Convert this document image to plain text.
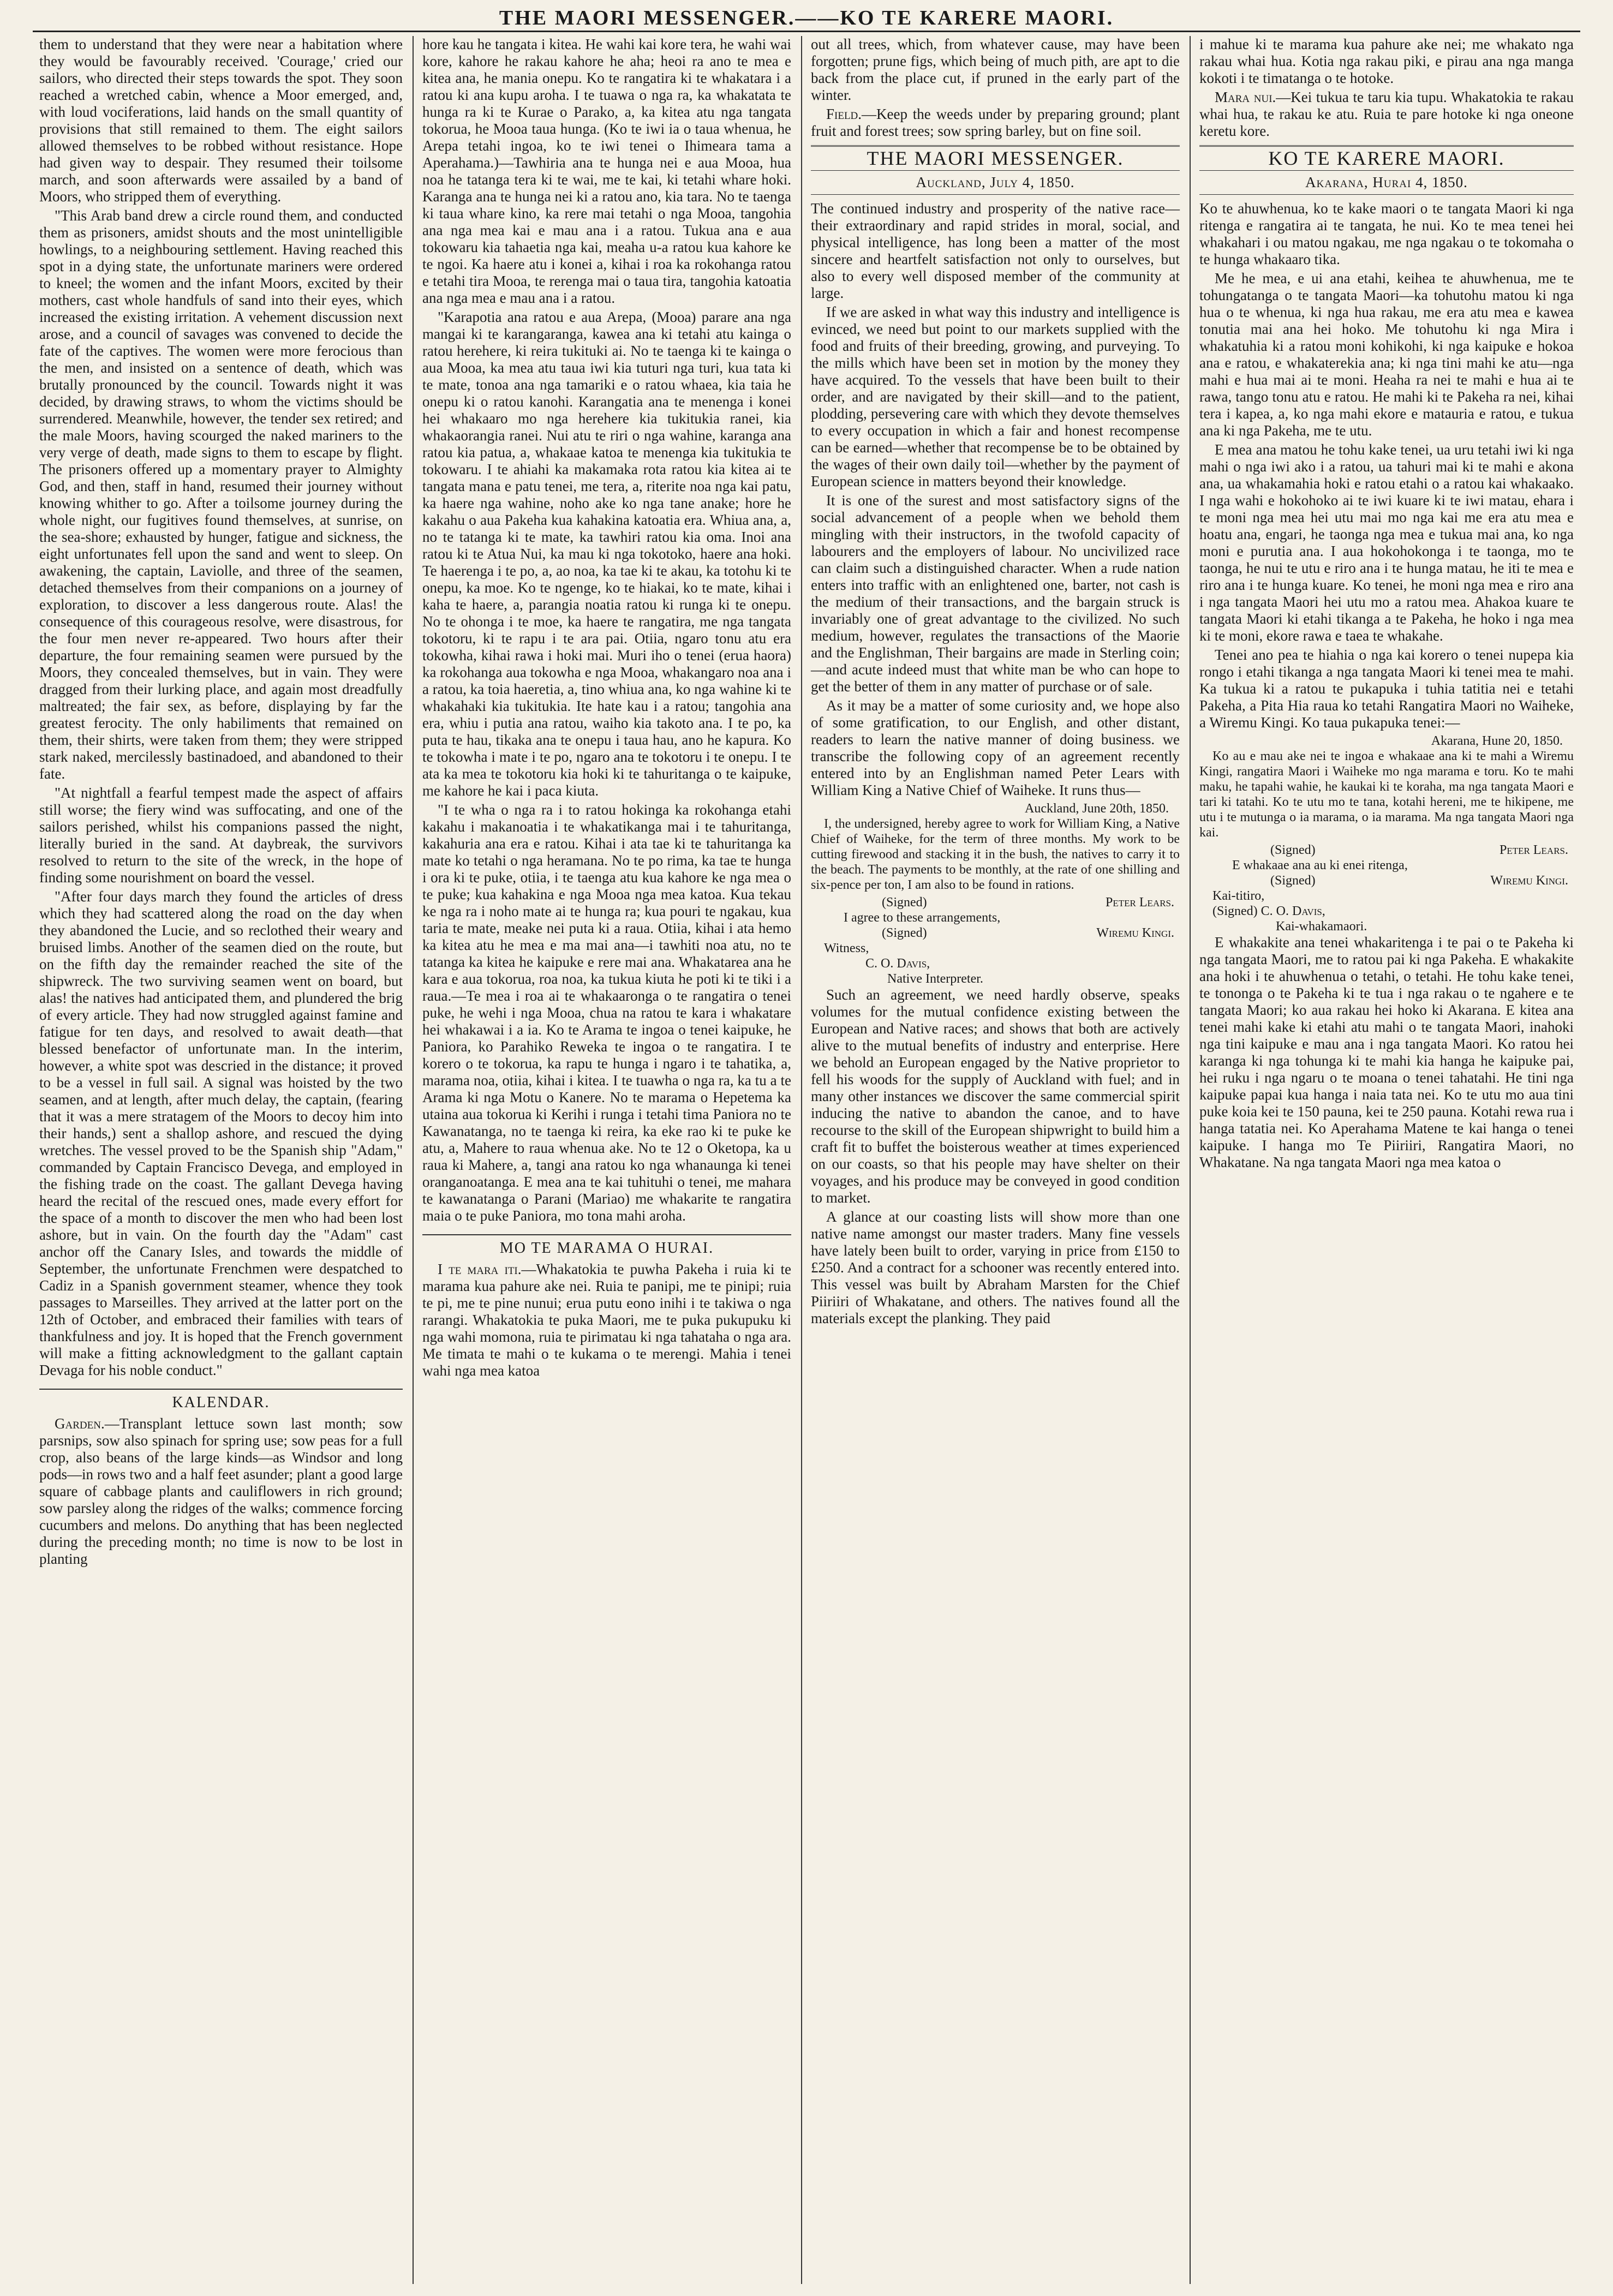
THE MAORI MESSENGER.——KO TE KARERE MAORI.

them to understand that they were near a habitation where they would be favourably received. 'Courage,' cried our sailors, who directed their steps towards the spot. They soon reached a wretched cabin, whence a Moor emerged, and, with loud vociferations, laid hands on the small quantity of provisions that still remained to them. The eight sailors allowed themselves to be robbed without resistance. Hope had given way to despair. They resumed their toilsome march, and soon afterwards were assailed by a band of Moors, who stripped them of everything.

"This Arab band drew a circle round them, and conducted them as prisoners, amidst shouts and the most unintelligible howlings, to a neighbouring settlement. Having reached this spot in a dying state, the unfortunate mariners were ordered to kneel; the women and the infant Moors, excited by their mothers, cast whole handfuls of sand into their eyes, which increased the existing irritation. A vehement discussion next arose, and a council of savages was convened to decide the fate of the captives. The women were more ferocious than the men, and insisted on a sentence of death, which was brutally pronounced by the council. Towards night it was decided, by drawing straws, to whom the victims should be surrendered. Meanwhile, however, the tender sex retired; and the male Moors, having scourged the naked mariners to the very verge of death, made signs to them to escape by flight. The prisoners offered up a momentary prayer to Almighty God, and then, staff in hand, resumed their journey without knowing whither to go. After a toilsome journey during the whole night, our fugitives found themselves, at sunrise, on the sea-shore; exhausted by hunger, fatigue and sickness, the eight unfortunates fell upon the sand and went to sleep. On awakening, the captain, Laviolle, and three of the seamen, detached themselves from their companions on a journey of exploration, to discover a less dangerous route. Alas! the consequence of this courageous resolve, were disastrous, for the four men never re-appeared. Two hours after their departure, the four remaining seamen were pursued by the Moors, they concealed themselves, but in vain. They were dragged from their lurking place, and again most dreadfully maltreated; the fair sex, as before, displaying by far the greatest ferocity. The only habiliments that remained on them, their shirts, were taken from them; they were stripped stark naked, mercilessly bastinadoed, and abandoned to their fate.

"At nightfall a fearful tempest made the aspect of affairs still worse; the fiery wind was suffocating, and one of the sailors perished, whilst his companions passed the night, literally buried in the sand. At daybreak, the survivors resolved to return to the site of the wreck, in the hope of finding some nourishment on board the vessel.

"After four days march they found the articles of dress which they had scattered along the road on the day when they abandoned the Lucie, and so reclothed their weary and bruised limbs. Another of the seamen died on the route, but on the fifth day the remainder reached the site of the shipwreck. The two surviving seamen went on board, but alas! the natives had anticipated them, and plundered the brig of every article. They had now struggled against famine and fatigue for ten days, and resolved to await death—that blessed benefactor of unfortunate man. In the interim, however, a white spot was descried in the distance; it proved to be a vessel in full sail. A signal was hoisted by the two seamen, and at length, after much delay, the captain, (fearing that it was a mere stratagem of the Moors to decoy him into their hands,) sent a shallop ashore, and rescued the dying wretches. The vessel proved to be the Spanish ship "Adam," commanded by Captain Francisco Devega, and employed in the fishing trade on the coast. The gallant Devega having heard the recital of the rescued ones, made every effort for the space of a month to discover the men who had been lost ashore, but in vain. On the fourth day the "Adam" cast anchor off the Canary Isles, and towards the middle of September, the unfortunate Frenchmen were despatched to Cadiz in a Spanish government steamer, whence they took passages to Marseilles. They arrived at the latter port on the 12th of October, and embraced their families with tears of thankfulness and joy. It is hoped that the French government will make a fitting acknowledgment to the gallant captain Devaga for his noble conduct."

KALENDAR.

Garden.—Transplant lettuce sown last month; sow parsnips, sow also spinach for spring use; sow peas for a full crop, also beans of the large kinds—as Windsor and long pods—in rows two and a half feet asunder; plant a good large square of cabbage plants and cauliflowers in rich ground; sow parsley along the ridges of the walks; commence forcing cucumbers and melons. Do anything that has been neglected during the preceding month; no time is now to be lost in planting

hore kau he tangata i kitea. He wahi kai kore tera, he wahi wai kore, kahore he rakau kahore he aha; heoi ra ano te mea e kitea ana, he mania onepu. Ko te rangatira ki te whakatara i a ratou ki ana kupu aroha. I te tuawa o nga ra, ka whakatata te hunga ra ki te Kurae o Parako, a, ka kitea atu nga tangata tokorua, he Mooa taua hunga. (Ko te iwi ia o taua whenua, he Arepa tetahi ingoa, ko te iwi tenei o Ihimeara tama a Aperahama.)—Tawhiria ana te hunga nei e aua Mooa, hua noa he tatanga tera ki te wai, me te kai, ki tetahi whare hoki. Karanga ana te hunga nei ki a ratou ano, kia tara. No te taenga ki taua whare kino, ka rere mai tetahi o nga Mooa, tangohia ana nga mea kai e mau ana i a ratou. Tukua ana e aua tokowaru kia tahaetia nga kai, meaha u-a ratou kua kahore ke te ngoi. Ka haere atu i konei a, kihai i roa ka rokohanga ratou e tetahi tira Mooa, te rerenga mai o taua tira, tangohia katoatia ana nga mea e mau ana i a ratou.

"Karapotia ana ratou e aua Arepa, (Mooa) parare ana nga mangai ki te karangaranga, kawea ana ki tetahi atu kainga o ratou herehere, ki reira tukituki ai. No te taenga ki te kainga o aua Mooa, ka mea atu taua iwi kia tuturi nga turi, kua tata ki te mate, tonoa ana nga tamariki e o ratou whaea, kia taia he onepu ki o ratou kanohi. Karangatia ana te menenga i konei hei whakaaro mo nga herehere kia tukitukia ranei, kia whakaorangia ranei. Nui atu te riri o nga wahine, karanga ana ratou kia patua, a, whakaae katoa te menenga kia tukitukia te tokowaru. I te ahiahi ka makamaka rota ratou kia kitea ai te tangata mana e patu tenei, me tera, a, riterite noa nga kai patu, ka haere nga wahine, noho ake ko nga tane anake; hore he kakahu o aua Pakeha kua kahakina katoatia era. Whiua ana, a, no te tatanga ki te mate, ka tawhiri ratou kia oma. Inoi ana ratou ki te Atua Nui, ka mau ki nga tokotoko, haere ana hoki. Te haerenga i te po, a, ao noa, ka tae ki te akau, ka totohu ki te onepu, ka moe. Ko te ngenge, ko te hiakai, ko te mate, kihai i kaha te haere, a, parangia noatia ratou ki runga ki te onepu. No te ohonga i te moe, ka haere te rangatira, me nga tangata tokotoru, ki te rapu i te ara pai. Otiia, ngaro tonu atu era tokowha, kihai rawa i hoki mai. Muri iho o tenei (erua haora) ka rokohanga aua tokowha e nga Mooa, whakangaro noa ana i a ratou, ka toia haeretia, a, tino whiua ana, ko nga wahine ki te whakahaki kia tukitukia. Ite hate kau i a ratou; tangohia ana era, whiu i putia ana ratou, waiho kia takoto ana. I te po, ka puta te hau, tikaka ana te onepu i taua hau, ano he kapura. Ko te tokowha i mate i te po, ngaro ana te tokotoru i te onepu. I te ata ka mea te tokotoru kia hoki ki te tahuritanga o te kaipuke, me kahore he kai i paca kiuta.

"I te wha o nga ra i to ratou hokinga ka rokohanga etahi kakahu i makanoatia i te whakatikanga mai i te tahuritanga, kakahuria ana era e ratou. Kihai i ata tae ki te tahuritanga ka mate ko tetahi o nga heramana. No te po rima, ka tae te hunga i ora ki te puke, otiia, i te taenga atu kua kahore ke nga mea o te puke; kua kahakina e nga Mooa nga mea katoa. Kua tekau ke nga ra i noho mate ai te hunga ra; kua pouri te ngakau, kua taria te mate, meake nei puta ki a raua. Otiia, kihai i ata hemo ka kitea atu he mea e ma mai ana—i tawhiti noa atu, no te tatanga ka kitea he kaipuke e rere mai ana. Whakatarea ana he kara e aua tokorua, roa noa, ka tukua kiuta he poti ki te tiki i a raua.—Te mea i roa ai te whakaaronga o te rangatira o tenei puke, he wehi i nga Mooa, chua na ratou te kara i whakatare hei whakawai i a ia. Ko te Arama te ingoa o tenei kaipuke, he Paniora, ko Parahiko Reweka te ingoa o te rangatira. I te korero o te tokorua, ka rapu te hunga i ngaro i te tahatika, a, marama noa, otiia, kihai i kitea. I te tuawha o nga ra, ka tu a te Arama ki nga Motu o Kanere. No te marama o Hepetema ka utaina aua tokorua ki Kerihi i runga i tetahi tima Paniora no te Kawanatanga, no te taenga ki reira, ka eke rao ki te puke ke atu, a, Mahere to raua whenua ake. No te 12 o Oketopa, ka u raua ki Mahere, a, tangi ana ratou ko nga whanaunga ki tenei oranganoatanga. E mea ana te kai tuhituhi o tenei, me mahara te kawanatanga o Parani (Mariao) me whakarite te rangatira maia o te puke Paniora, mo tona mahi aroha.

MO TE MARAMA O HURAI.

I te mara iti.—Whakatokia te puwha Pakeha i ruia ki te marama kua pahure ake nei. Ruia te panipi, me te pinipi; ruia te pi, me te pine nunui; erua putu eono inihi i te takiwa o nga rarangi. Whakatokia te puka Maori, me te puka pukupuku ki nga wahi momona, ruia te pirimatau ki nga tahataha o nga ara. Me timata te mahi o te kukama o te merengi. Mahia i tenei wahi nga mea katoa

out all trees, which, from whatever cause, may have been forgotten; prune figs, which being of much pith, are apt to die back from the place cut, if pruned in the early part of the winter.

Field.—Keep the weeds under by preparing ground; plant fruit and forest trees; sow spring barley, but on fine soil.

THE MAORI MESSENGER.
Auckland, July 4, 1850.

The continued industry and prosperity of the native race—their extraordinary and rapid strides in moral, social, and physical intelligence, has long been a matter of the most sincere and heartfelt satisfaction not only to ourselves, but also to every well disposed member of the community at large.

If we are asked in what way this industry and intelligence is evinced, we need but point to our markets supplied with the food and fruits of their breeding, growing, and purveying. To the mills which have been set in motion by the money they have acquired. To the vessels that have been built to their order, and are navigated by their skill—and to the patient, plodding, persevering care with which they devote themselves to every occupation in which a fair and honest recompense can be earned—whether that recompense be to be obtained by the wages of their own daily toil—whether by the payment of European science in matters beyond their knowledge.

It is one of the surest and most satisfactory signs of the social advancement of a people when we behold them mingling with their instructors, in the twofold capacity of labourers and the employers of labour. No uncivilized race can claim such a distinguished character. When a rude nation enters into traffic with an enlightened one, barter, not cash is the medium of their transactions, and the bargain struck is invariably one of great advantage to the civilized. No such medium, however, regulates the transactions of the Maorie and the Englishman, Their bargains are made in Sterling coin;—and acute indeed must that white man be who can hope to get the better of them in any matter of purchase or of sale.

As it may be a matter of some curiosity and, we hope also of some gratification, to our English, and other distant, readers to learn the native manner of doing business. we transcribe the following copy of an agreement recently entered into by an Englishman named Peter Lears with William King a Native Chief of Waiheke. It runs thus—

Auckland, June 20th, 1850.

I, the undersigned, hereby agree to work for William King, a Native Chief of Waiheke, for the term of three months. My work to be cutting firewood and stacking it in the bush, the natives to carry it to the beach. The payments to be monthly, at the rate of one shilling and six-pence per ton, I am also to be found in rations.

(Signed)	Peter Lears.
I agree to these arrangements,
(Signed)	Wiremu Kingi.
Witness,
C. O. Davis,
Native Interpreter.

Such an agreement, we need hardly observe, speaks volumes for the mutual confidence existing between the European and Native races; and shows that both are actively alive to the mutual benefits of industry and enterprise. Here we behold an European engaged by the Native proprietor to fell his woods for the supply of Auckland with fuel; and in many other instances we discover the same commercial spirit inducing the native to abandon the canoe, and to have recourse to the skill of the European shipwright to build him a craft fit to buffet the boisterous weather at times experienced on our coasts, so that his people may have shelter on their voyages, and his produce may be conveyed in good condition to market.

A glance at our coasting lists will show more than one native name amongst our master traders. Many fine vessels have lately been built to order, varying in price from £150 to £250. And a contract for a schooner was recently entered into. This vessel was built by Abraham Marsten for the Chief Piiriiri of Whakatane, and others. The natives found all the materials except the planking. They paid

i mahue ki te marama kua pahure ake nei; me whakato nga rakau whai hua. Kotia nga rakau piki, e pirau ana nga manga kokoti i te timatanga o te hotoke.

Mara nui.—Kei tukua te taru kia tupu. Whakatokia te rakau whai hua, te rakau ke atu. Ruia te pare hotoke ki nga oneone keretu kore.

KO TE KARERE MAORI.
Akarana, Hurai 4, 1850.

Ko te ahuwhenua, ko te kake maori o te tangata Maori ki nga ritenga e rangatira ai te tangata, he nui. Ko te mea tenei hei whakahari i ou matou ngakau, me nga ngakau o te tokomaha o te hunga whakaaro tika.

Me he mea, e ui ana etahi, keihea te ahuwhenua, me te tohungatanga o te tangata Maori—ka tohutohu matou ki nga hua o te whenua, ki nga hua rakau, me era atu mea e kawea tonutia mai ana hei hoko. Me tohutohu ki nga Mira i whakatuhia ki a ratou moni kohikohi, ki nga kaipuke e hokoa ana e ratou, e whakaterekia ana; ki nga tini mahi ke atu—nga mahi e hua mai ai te moni. Heaha ra nei te mahi e hua ai te rawa, tango tonu atu e ratou. He mahi ki te Pakeha ra nei, kihai tera i kapea, a, ko nga mahi ekore e matauria e ratou, e tukua ana ki nga Pakeha, me te utu.

E mea ana matou he tohu kake tenei, ua uru tetahi iwi ki nga mahi o nga iwi ako i a ratou, ua tahuri mai ki te mahi e akona ana, ua whakamahia hoki e ratou etahi o a ratou kai whakaako. I nga wahi e hokohoko ai te iwi kuare ki te iwi matau, ehara i te moni nga mea hei utu mai mo nga kai me era atu mea e hoatu ana, engari, he taonga nga mea e tukua mai ana, ko nga moni e purutia ana. I aua hokohokonga i te taonga, mo te taonga, he nui te utu e riro ana i te hunga matau, he iti te mea e riro ana i te hunga kuare. Ko tenei, he moni nga mea e riro ana i nga tangata Maori hei utu mo a ratou mea. Ahakoa kuare te tangata Maori ki etahi tikanga a te Pakeha, he hoko i nga mea ki te moni, ekore rawa e taea te whakahe.

Tenei ano pea te hiahia o nga kai korero o tenei nupepa kia rongo i etahi tikanga a nga tangata Maori ki tenei mea te mahi. Ka tukua ki a ratou te pukapuka i tuhia tatitia nei e tetahi Pakeha, a Pita Hia raua ko tetahi Rangatira Maori no Waiheke, a Wiremu Kingi. Ko taua pukapuka tenei:—

Akarana, Hune 20, 1850.

Ko au e mau ake nei te ingoa e whakaae ana ki te mahi a Wiremu Kingi, rangatira Maori i Waiheke mo nga marama e toru. Ko te mahi maku, he tapahi wahie, he kaukai ki te koraha, ma nga tangata Maori e tari ki tatahi. Ko te utu mo te tana, kotahi hereni, me te hikipene, me utu i te mutunga o ia marama, o ia marama. Ma nga tangata Maori nga kai.

(Signed)	Peter Lears.
E whakaae ana au ki enei ritenga,
(Signed)	Wiremu Kingi.
Kai-titiro,
(Signed) C. O. Davis,
Kai-whakamaori.

E whakakite ana tenei whakaritenga i te pai o te Pakeha ki nga tangata Maori, me to ratou pai ki nga Pakeha. E whakakite ana hoki i te ahuwhenua o tetahi, o tetahi. He tohu kake tenei, te tononga o te Pakeha ki te tua i nga rakau o te ngahere e te tangata Maori; ko aua rakau hei hoko ki Akarana. E kitea ana tenei mahi kake ki etahi atu mahi o te tangata Maori, inahoki nga tini kaipuke e mau ana i nga tangata Maori. Ko ratou hei karanga ki nga tohunga ki te mahi kia hanga he kaipuke pai, hei ruku i nga ngaru o te moana o tenei tahatahi. He tini nga kaipuke papai kua hanga i naia tata nei. Ko te utu mo aua tini puke koia kei te 150 pauna, kei te 250 pauna. Kotahi rewa rua i hanga tatatia nei. Ko Aperahama Matene te kai hanga o tenei kaipuke. I hanga mo Te Piiriiri, Rangatira Maori, no Whakatane. Na nga tangata Maori nga mea katoa o
